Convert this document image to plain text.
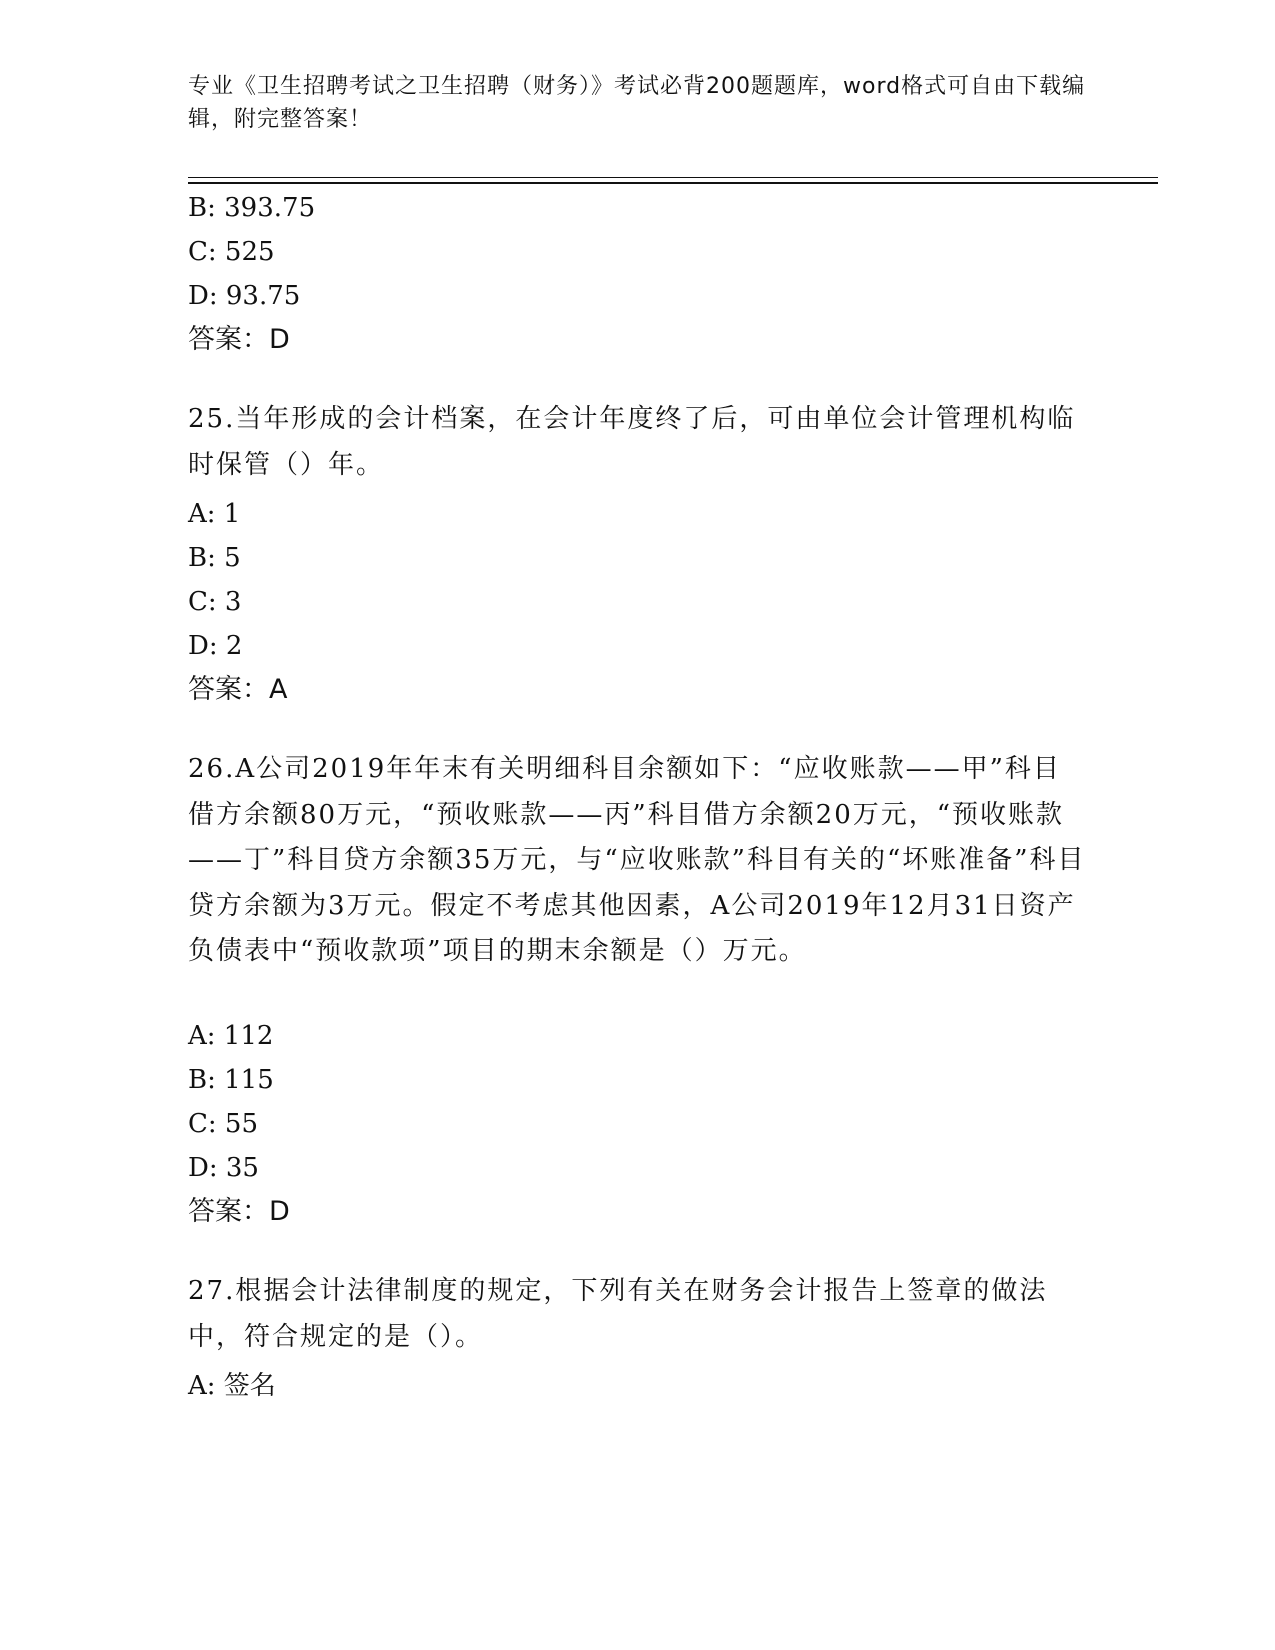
专业《卫生招聘考试之卫生招聘（财务）》考试必背200题题库，word格式可自由下载编辑，附完整答案！
B: 393.75
C: 525
D: 93.75
答案：D
25.当年形成的会计档案，在会计年度终了后，可由单位会计管理机构临时保管（）年。
A: 1
B: 5
C: 3
D: 2
答案：A
26.A公司2019年年末有关明细科目余额如下：“应收账款——甲”科目借方余额80万元，“预收账款——丙”科目借方余额20万元，“预收账款——丁”科目贷方余额35万元，与“应收账款”科目有关的“坏账准备”科目贷方余额为3万元。假定不考虑其他因素，A公司2019年12月31日资产负债表中“预收款项”项目的期末余额是（）万元。
A: 112
B: 115
C: 55
D: 35
答案：D
27.根据会计法律制度的规定，下列有关在财务会计报告上签章的做法中，符合规定的是（）。
A: 签名
